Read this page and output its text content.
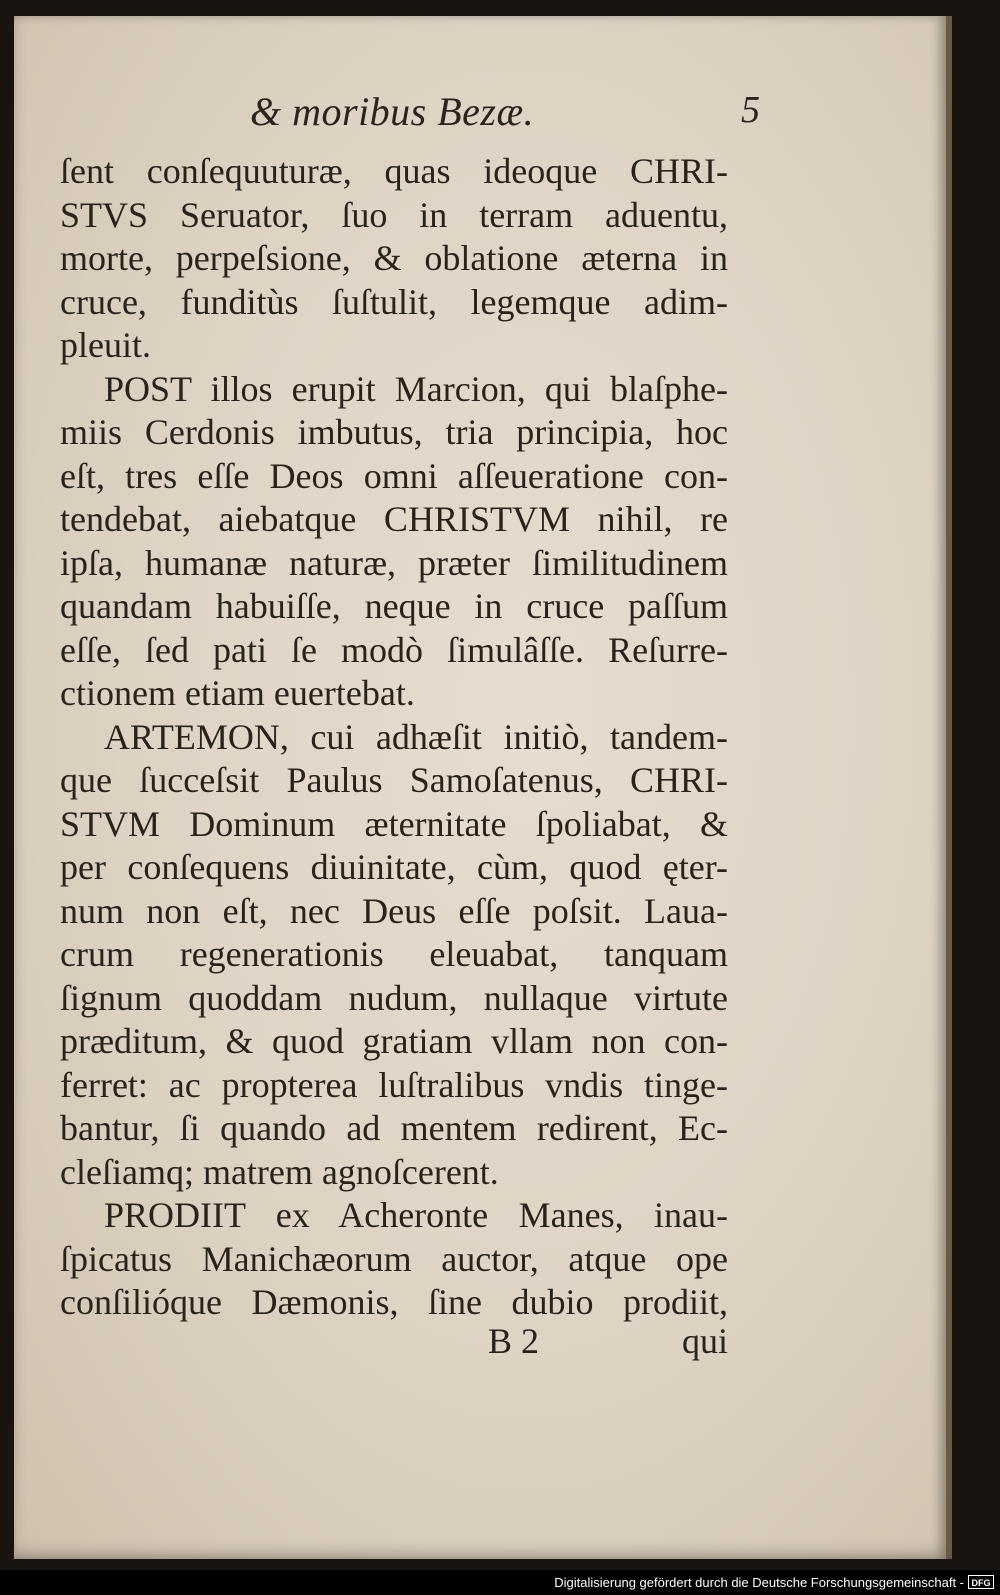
& moribus Bezæ.	5
ſent conſequuturæ, quas ideoque CHRI-
STVS Seruator, ſuo in terram aduentu,
morte, perpeſsione, & oblatione æterna in
cruce, funditùs ſuſtulit, legemque adim-
pleuit.
POST illos erupit Marcion, qui blaſphe-
miis Cerdonis imbutus, tria principia, hoc
eſt, tres eſſe Deos omni aſſeueratione con-
tendebat, aiebatque CHRISTVM nihil, re
ipſa, humanæ naturæ, præter ſimilitudinem
quandam habuiſſe, neque in cruce paſſum
eſſe, ſed pati ſe modò ſimulâſſe. Reſurre-
ctionem etiam euertebat.
ARTEMON, cui adhæſit initiò, tandem-
que ſucceſsit Paulus Samoſatenus, CHRI-
STVM Dominum æternitate ſpoliabat, &
per conſequens diuinitate, cùm, quod ęter-
num non eſt, nec Deus eſſe poſsit. Laua-
crum regenerationis eleuabat, tanquam
ſignum quoddam nudum, nullaque virtute
præditum, & quod gratiam vllam non con-
ferret: ac propterea luſtralibus vndis tinge-
bantur, ſi quando ad mentem redirent, Ec-
cleſiamq; matrem agnoſcerent.
PRODIIT ex Acheronte Manes, inau-
ſpicatus Manichæorum auctor, atque ope
conſilióque Dæmonis, ſine dubio prodiit,
B 2	qui
Digitalisierung gefördert durch die Deutsche Forschungsgemeinschaft - DFG
